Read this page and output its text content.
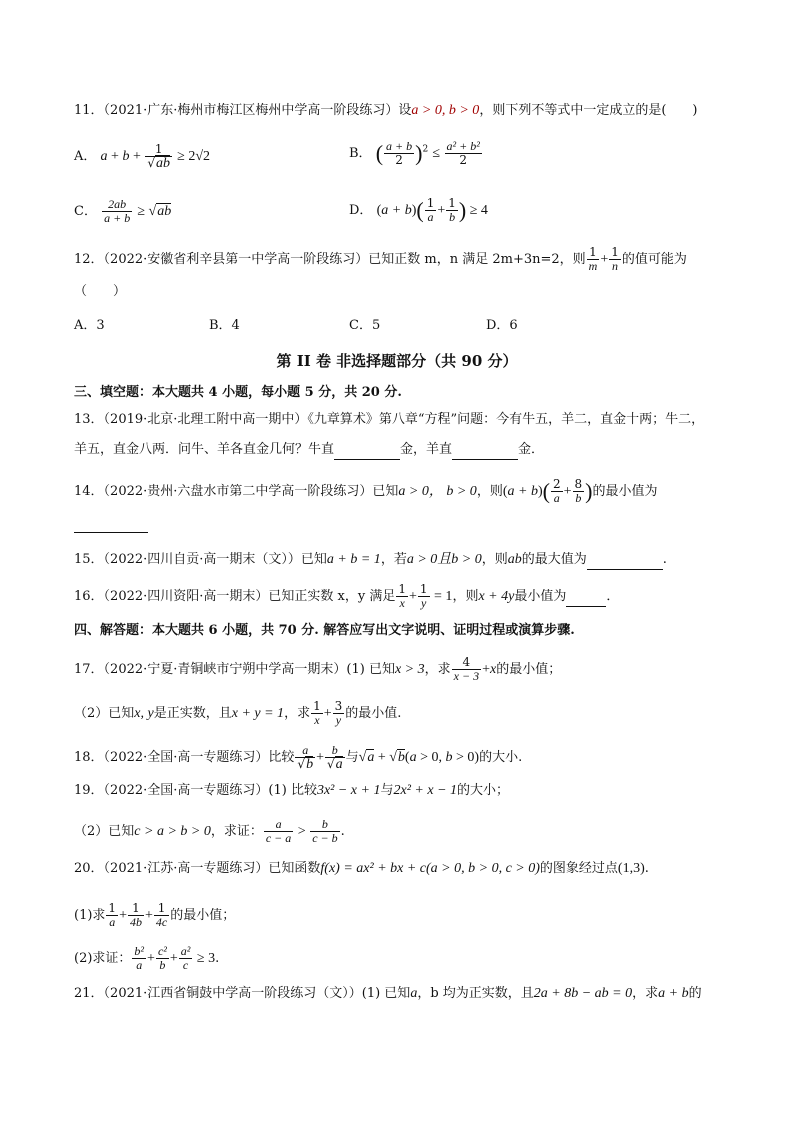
11．（2021·广东·梅州市梅江区梅州中学高一阶段练习）设a > 0, b > 0，则下列不等式中一定成立的是(　　)
A． $a + b + \frac{1}{√ab} \ge 2√2$	B． ( $\frac{a + b}{2} )^2 \le \frac{\text{a² + b²}}{2}$
C． $\frac{2ab}{a + b} \ge √ab$	D． $(a + b)( \frac{1}{a} + \frac{1}{b}$ ) ≥ 4
12．（2022·安徽省利辛县第一中学高一阶段练习）已知正数 m，n 满足 2m+3n=2，则 $\frac{1}{m} + \frac{1}{n}$ 的值可能为
（　　）
A．3	B．4	C．5	D．6
第 II 卷 非选择题部分（共 90 分）
三、填空题：本大题共 4 小题，每小题 5 分，共 20 分.
13．（2019·北京·北理工附中高一期中）《九章算术》第八章“方程”问题：今有牛五，羊二，直金十两；牛二，
羊五，直金八两．问牛、羊各直金几何？牛直	金，羊直	金．
14．（2022·贵州·六盘水市第二中学高一阶段练习）已知a > 0， b > 0，则$(a + b)( \frac{2}{a} + \frac{8}{b}$ )的最小值为

15．（2022·四川自贡·高一期末（文））已知a + b = 1，若a > 0且b > 0，则ab的最大值为	.
16．（2022·四川资阳·高一期末）已知正实数 x，y 满足 $\frac{1}{x} + \frac{1}{y} = 1$，则x + 4y最小值为	．
四、解答题：本大题共 6 小题，共 70 分. 解答应写出文字说明、证明过程或演算步骤.
17．（2022·宁夏·青铜峡市宁朔中学高一期末）(1) 已知x > 3，求 $\frac{4}{x - 3} +x$的最小值；
（2）已知x, y是正实数，且x + y = 1，求 $\frac{1}{x} + \frac{3}{y}$ 的最小值.
18．（2022·全国·高一专题练习）比较 $\frac{a}{√b} + \frac{b}{√a}$ 与√a + √b(a > 0, b > 0)的大小.
19．（2022·全国·高一专题练习）(1) 比较3x² − x + 1与2x² + x − 1的大小；
（2）已知c > a > b > 0，求证： $\frac{a}{c - a} > \frac{b}{c - b}$ .
20．（2021·江苏·高一专题练习）已知函数f(x) = ax² + bx + c(a > 0, b > 0, c > 0)的图象经过点(1,3).
(1)求 $\frac{1}{a} + \frac{1}{4b} + \frac{1}{4c}$ 的最小值；
(2)求证： $\frac{\text{b²}}{a} + \frac{\text{c²}}{b} + \frac{\text{a²}}{c} \ge 3$.
21．（2021·江西省铜鼓中学高一阶段练习（文））(1) 已知a，b 均为正实数，且2a + 8b − ab = 0，求a + b的
